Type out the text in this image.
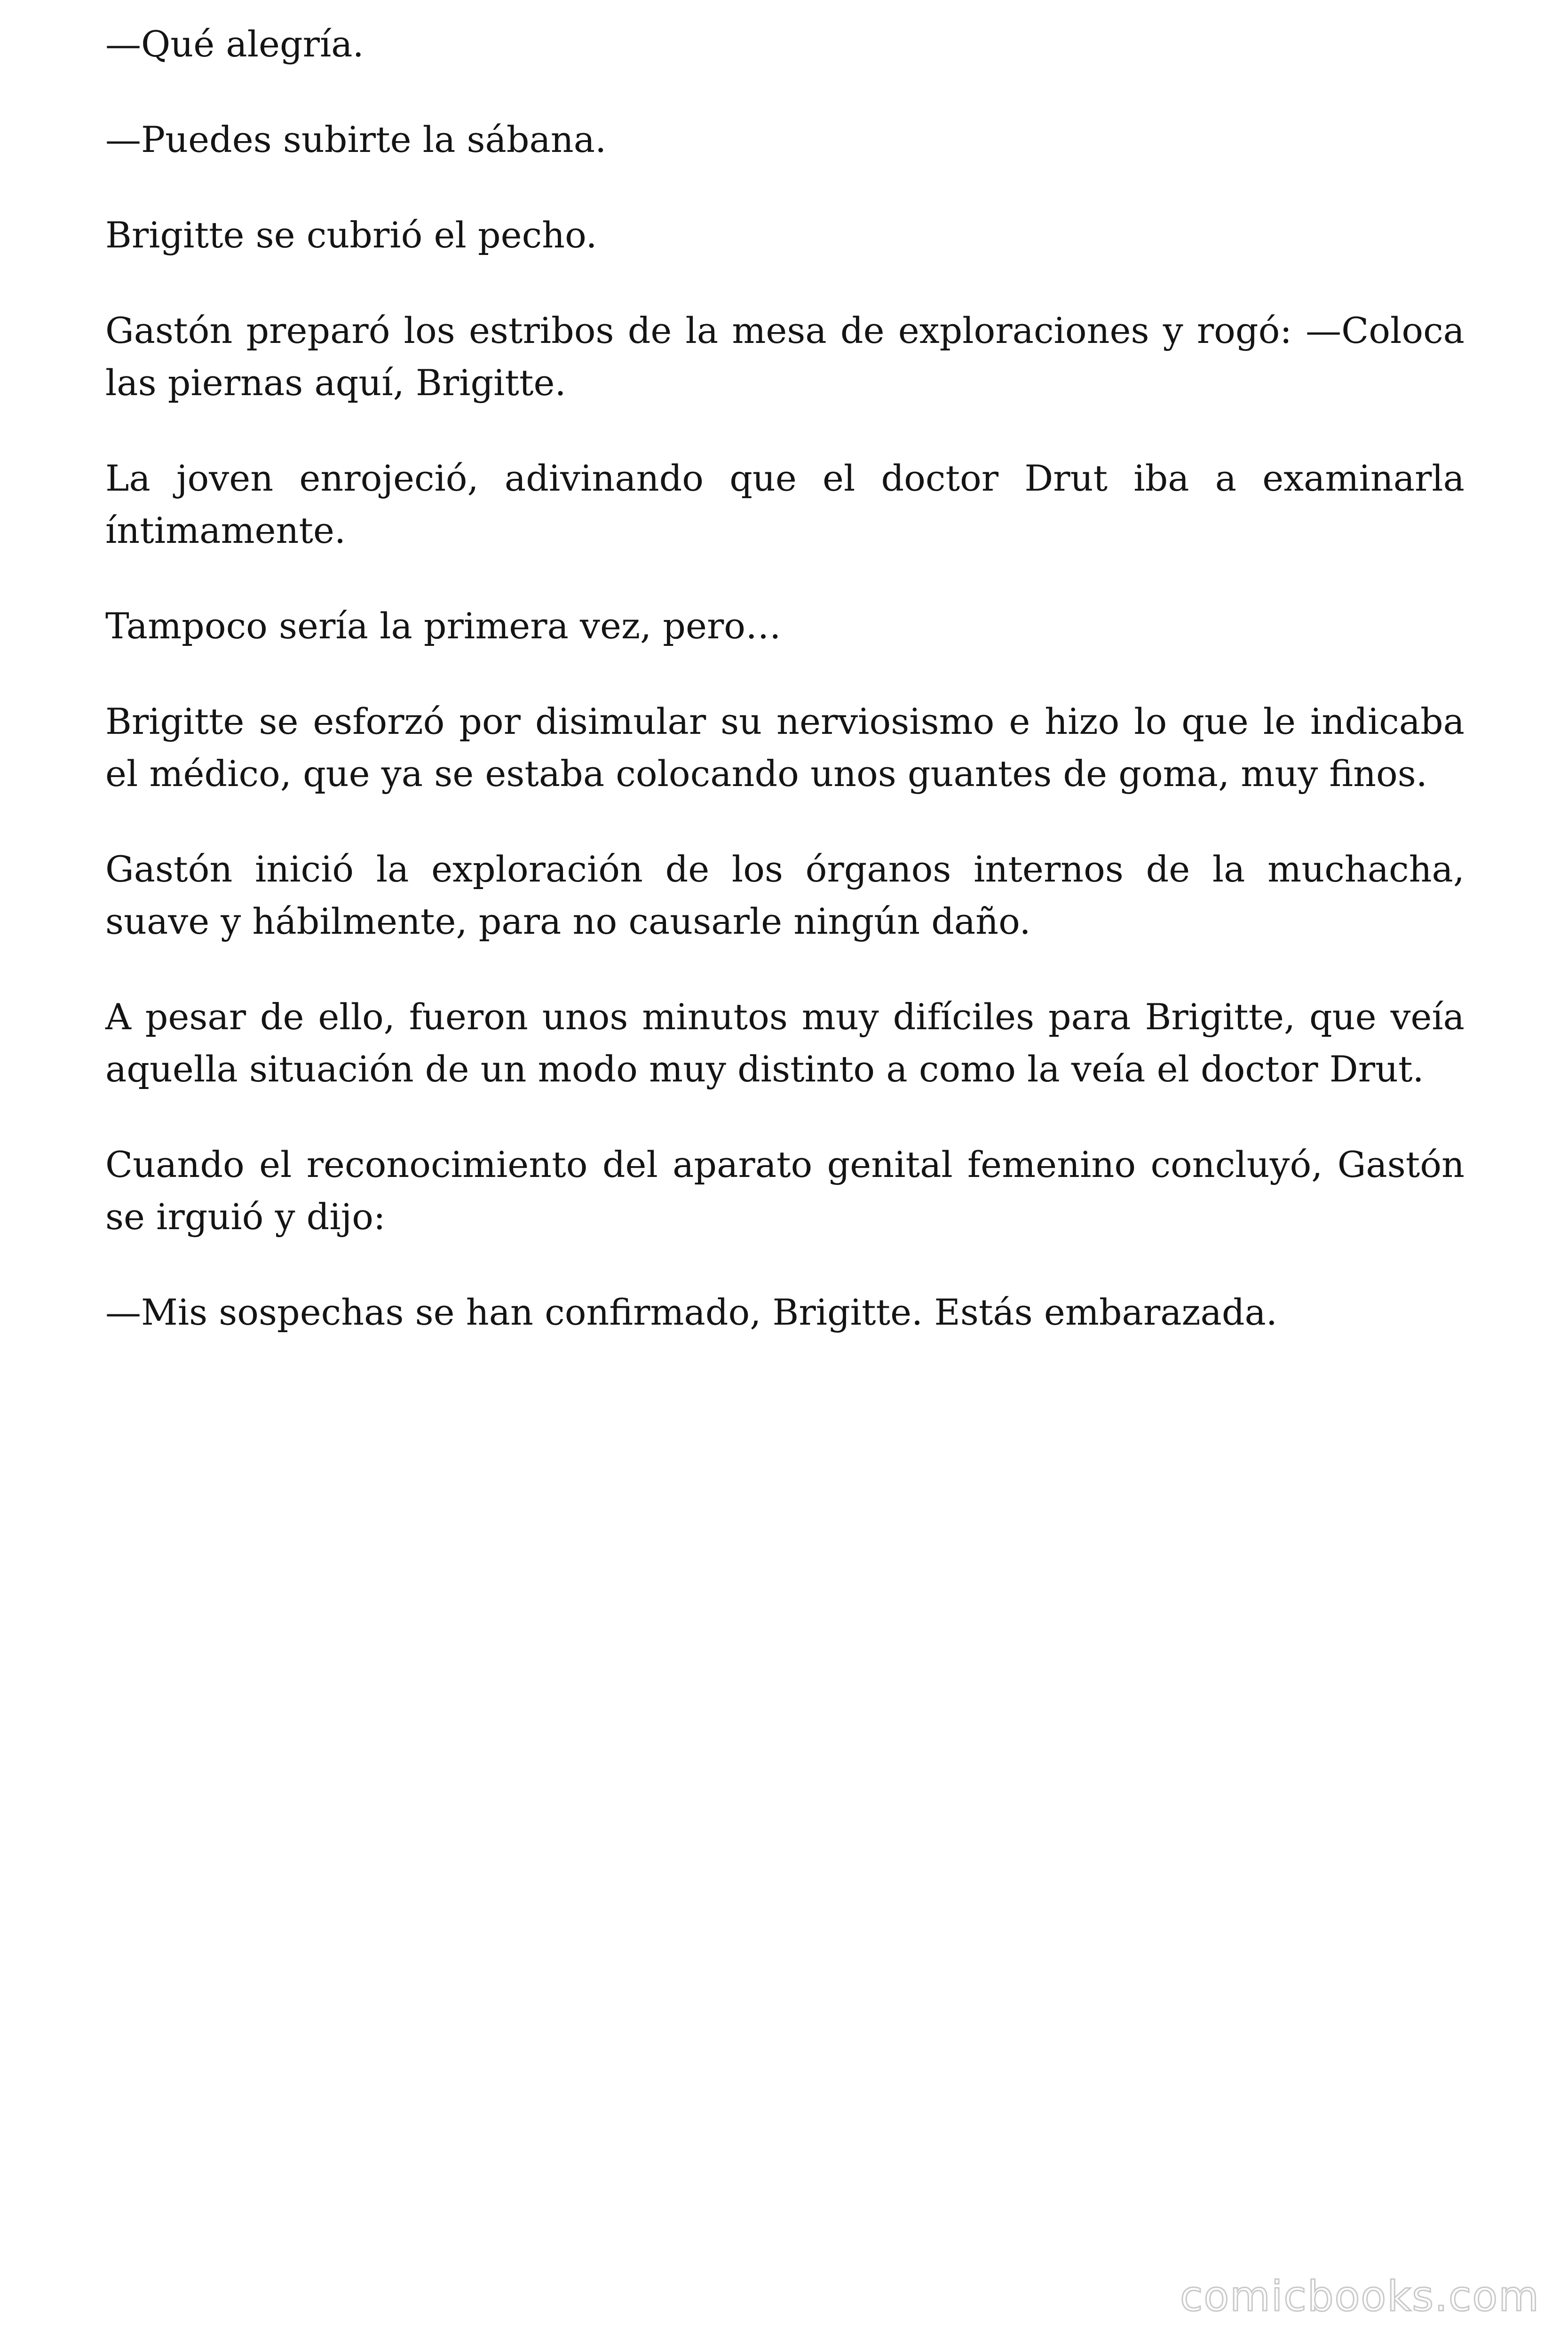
—Qué alegría.

—Puedes subirte la sábana.

Brigitte se cubrió el pecho.

Gastón preparó los estribos de la mesa de exploraciones y rogó: —Coloca las piernas aquí, Brigitte.

La joven enrojeció, adivinando que el doctor Drut iba a examinarla íntimamente.

Tampoco sería la primera vez, pero…

Brigitte se esforzó por disimular su nerviosismo e hizo lo que le indicaba el médico, que ya se estaba colocando unos guantes de goma, muy finos.

Gastón inició la exploración de los órganos internos de la muchacha, suave y hábilmente, para no causarle ningún daño.

A pesar de ello, fueron unos minutos muy difíciles para Brigitte, que veía aquella situación de un modo muy distinto a como la veía el doctor Drut.

Cuando el reconocimiento del aparato genital femenino concluyó, Gastón se irguió y dijo:

—Mis sospechas se han confirmado, Brigitte. Estás embarazada.

comicbooks.com
